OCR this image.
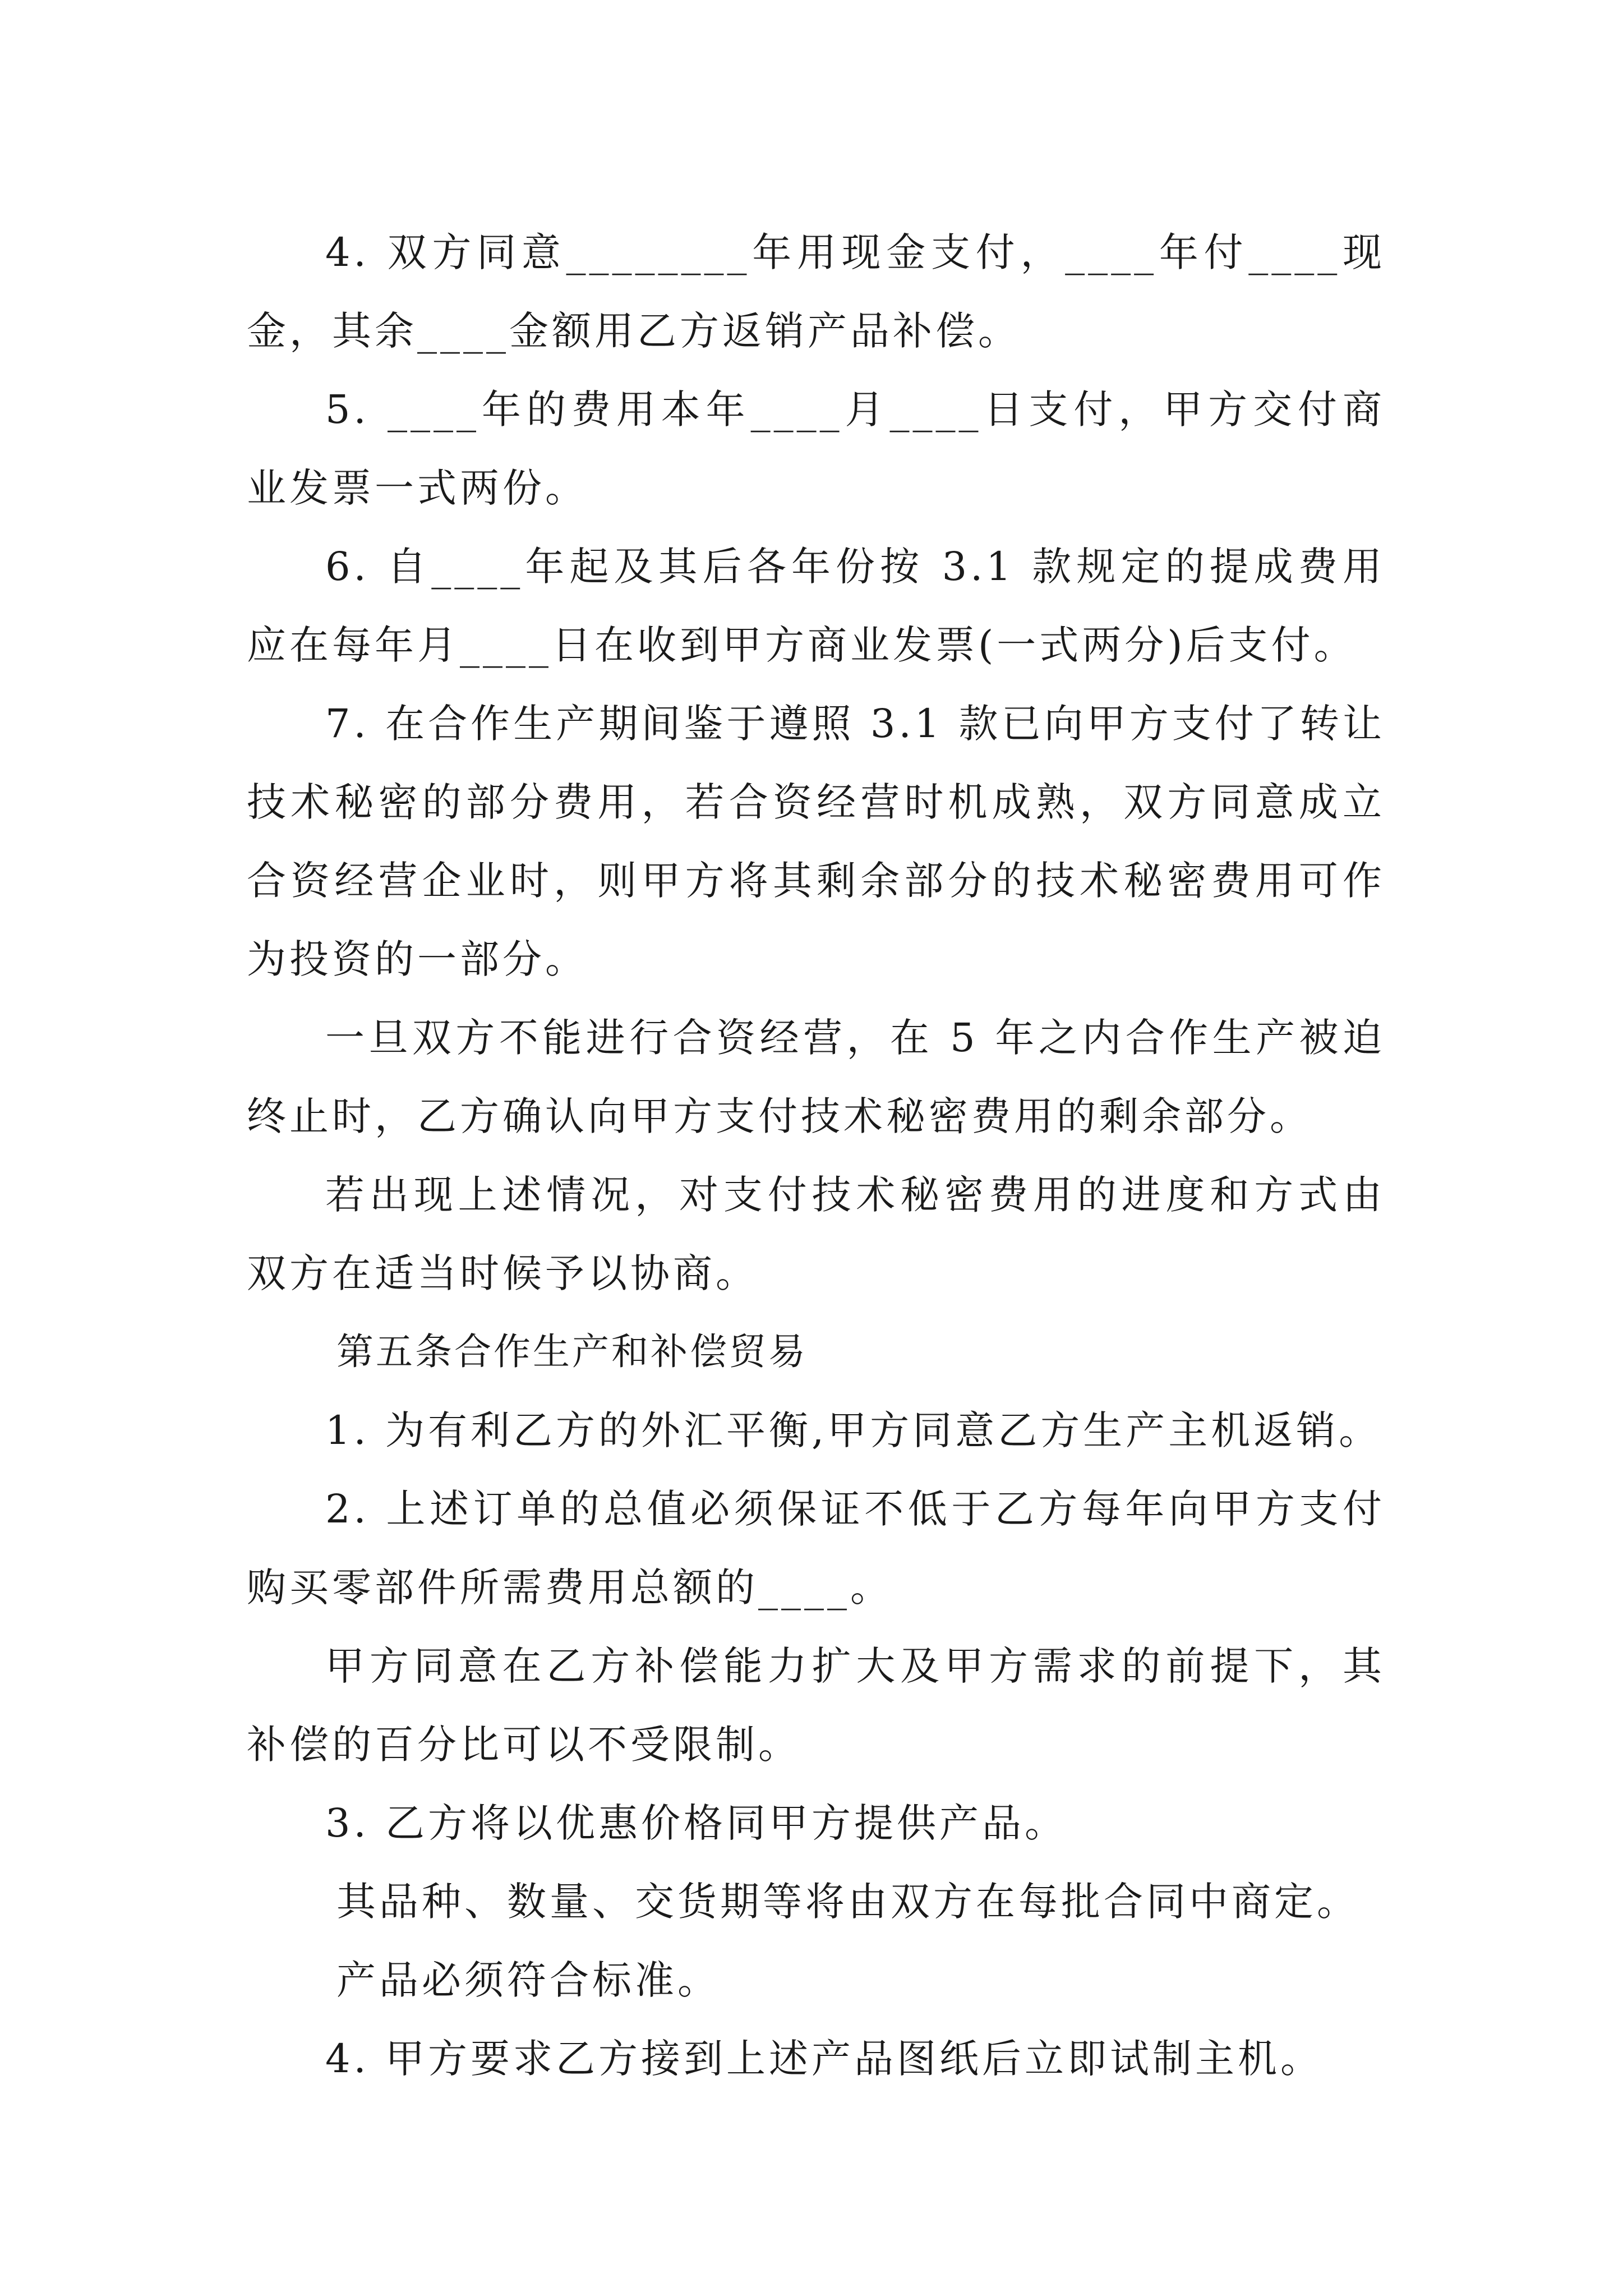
4. 双方同意________年用现金支付，____年付____现金，其余____金额用乙方返销产品补偿。

5. ____年的费用本年____月____日支付，甲方交付商业发票一式两份。

6. 自____年起及其后各年份按 3.1 款规定的提成费用应在每年月____日在收到甲方商业发票(一式两分)后支付。

7. 在合作生产期间鉴于遵照 3.1 款已向甲方支付了转让技术秘密的部分费用，若合资经营时机成熟，双方同意成立合资经营企业时，则甲方将其剩余部分的技术秘密费用可作为投资的一部分。

一旦双方不能进行合资经营，在 5 年之内合作生产被迫终止时，乙方确认向甲方支付技术秘密费用的剩余部分。

若出现上述情况，对支付技术秘密费用的进度和方式由双方在适当时候予以协商。

第五条合作生产和补偿贸易

1. 为有利乙方的外汇平衡,甲方同意乙方生产主机返销。

2. 上述订单的总值必须保证不低于乙方每年向甲方支付购买零部件所需费用总额的____。

甲方同意在乙方补偿能力扩大及甲方需求的前提下，其补偿的百分比可以不受限制。

3. 乙方将以优惠价格同甲方提供产品。

其品种、数量、交货期等将由双方在每批合同中商定。

产品必须符合标准。

4. 甲方要求乙方接到上述产品图纸后立即试制主机。
